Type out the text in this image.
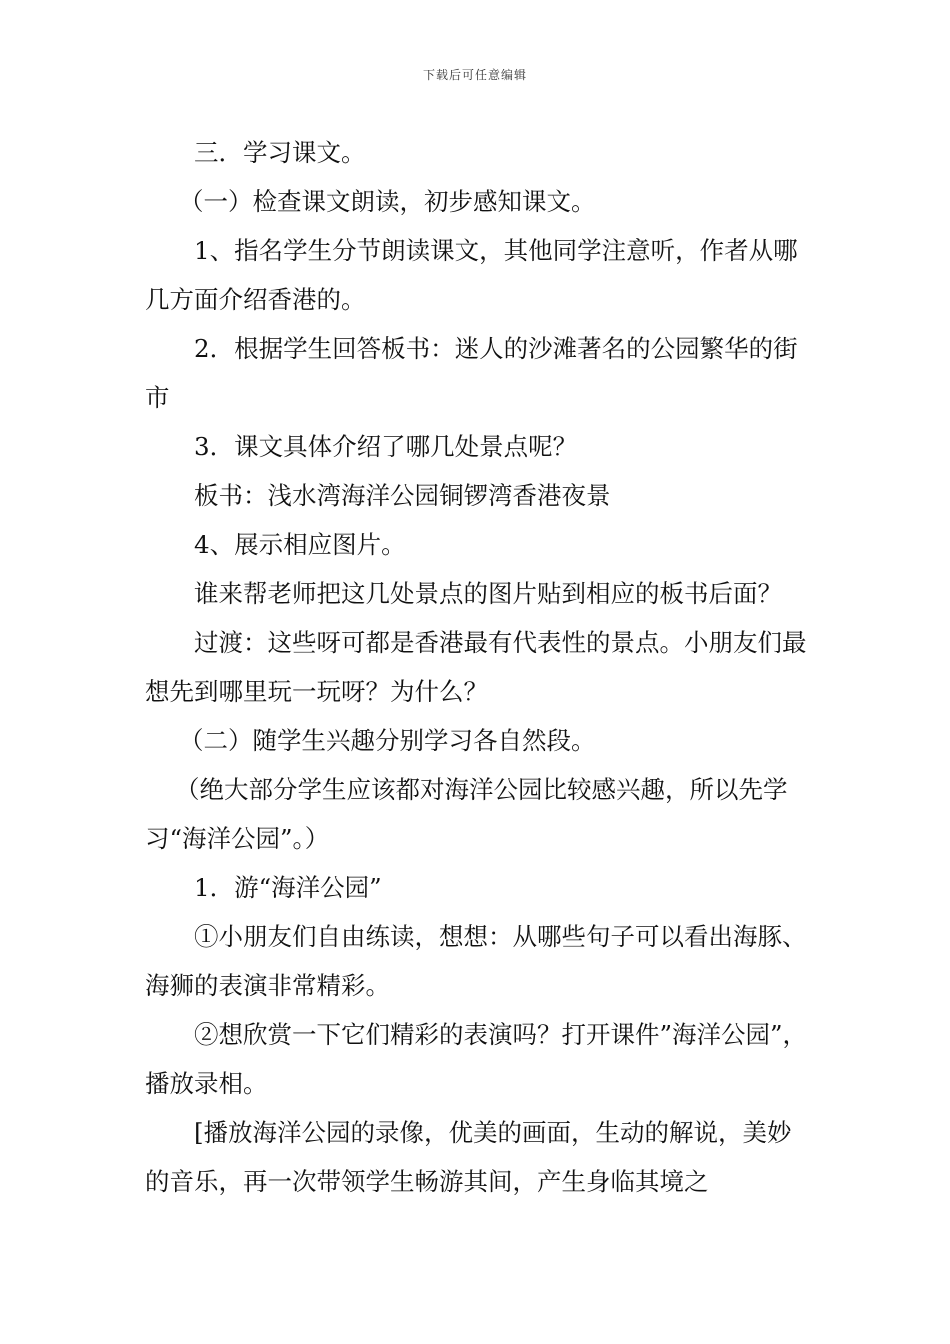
下载后可任意编辑

三．学习课文。

（一）检查课文朗读，初步感知课文。

1、指名学生分节朗读课文，其他同学注意听，作者从哪几方面介绍香港的。

2．根据学生回答板书：迷人的沙滩著名的公园繁华的街市

3．课文具体介绍了哪几处景点呢？

板书：浅水湾海洋公园铜锣湾香港夜景

4、展示相应图片。

谁来帮老师把这几处景点的图片贴到相应的板书后面？

过渡：这些呀可都是香港最有代表性的景点。小朋友们最想先到哪里玩一玩呀？为什么？

（二）随学生兴趣分别学习各自然段。

（绝大部分学生应该都对海洋公园比较感兴趣，所以先学习“海洋公园”。）

1．游“海洋公园”

①小朋友们自由练读，想想：从哪些句子可以看出海豚、海狮的表演非常精彩。

②想欣赏一下它们精彩的表演吗？打开课件”海洋公园”，播放录相。

[播放海洋公园的录像，优美的画面，生动的解说，美妙的音乐，再一次带领学生畅游其间，产生身临其境之
